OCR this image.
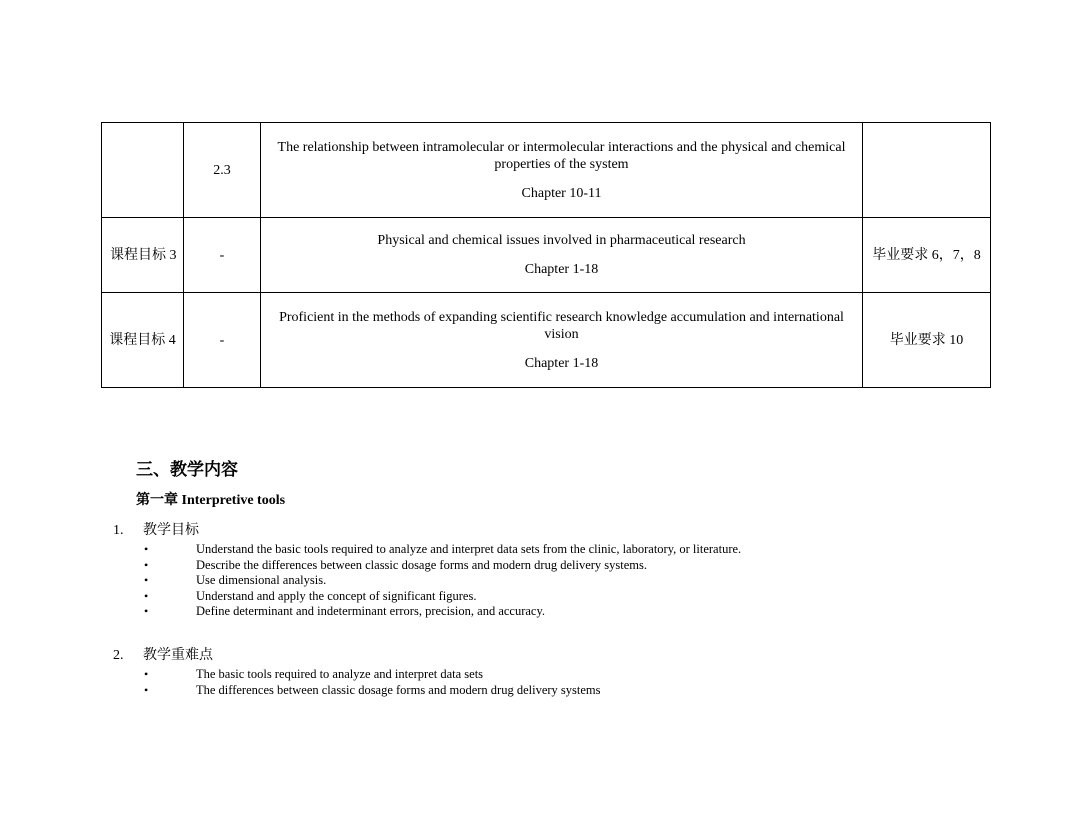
	2.3	The relationship between intramolecular or intermolecular interactions and the physical and chemical properties of the system
Chapter 10-11	

课程目标 3	-	Physical and chemical issues involved in pharmaceutical research
Chapter 1-18	毕业要求 6，7，8
课程目标 4	-	Proficient in the methods of expanding scientific research knowledge accumulation and international vision
Chapter 1-18	毕业要求 10
三、教学内容
第一章 Interpretive tools
1. 教学目标
• Understand the basic tools required to analyze and interpret data sets from the clinic, laboratory, or literature.
• Describe the differences between classic dosage forms and modern drug delivery systems.
• Use dimensional analysis.
• Understand and apply the concept of significant figures.
• Define determinant and indeterminant errors, precision, and accuracy.
2. 教学重难点
• The basic tools required to analyze and interpret data sets
• The differences between classic dosage forms and modern drug delivery systems
